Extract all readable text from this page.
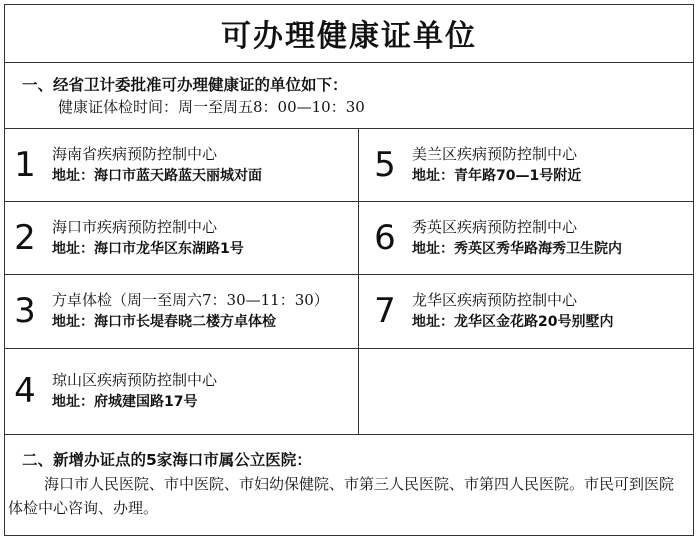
可办理健康证单位
一、经省卫计委批准可办理健康证的单位如下：
健康证体检时间：周一至周五8：00—10：30
1 海南省疾病预防控制中心
地址：海口市蓝天路蓝天丽城对面
2 海口市疾病预防控制中心
地址：海口市龙华区东湖路1号
3 方卓体检（周一至周六7：30—11：30）
地址：海口市长堤春晓二楼方卓体检
4 琼山区疾病预防控制中心
地址：府城建国路17号
5 美兰区疾病预防控制中心
地址：青年路70—1号附近
6 秀英区疾病预防控制中心
地址：秀英区秀华路海秀卫生院内
7 龙华区疾病预防控制中心
地址：龙华区金花路20号别墅内
二、新增办证点的5家海口市属公立医院：
海口市人民医院、市中医院、市妇幼保健院、市第三人民医院、市第四人民医院。市民可到医院体检中心咨询、办理。
